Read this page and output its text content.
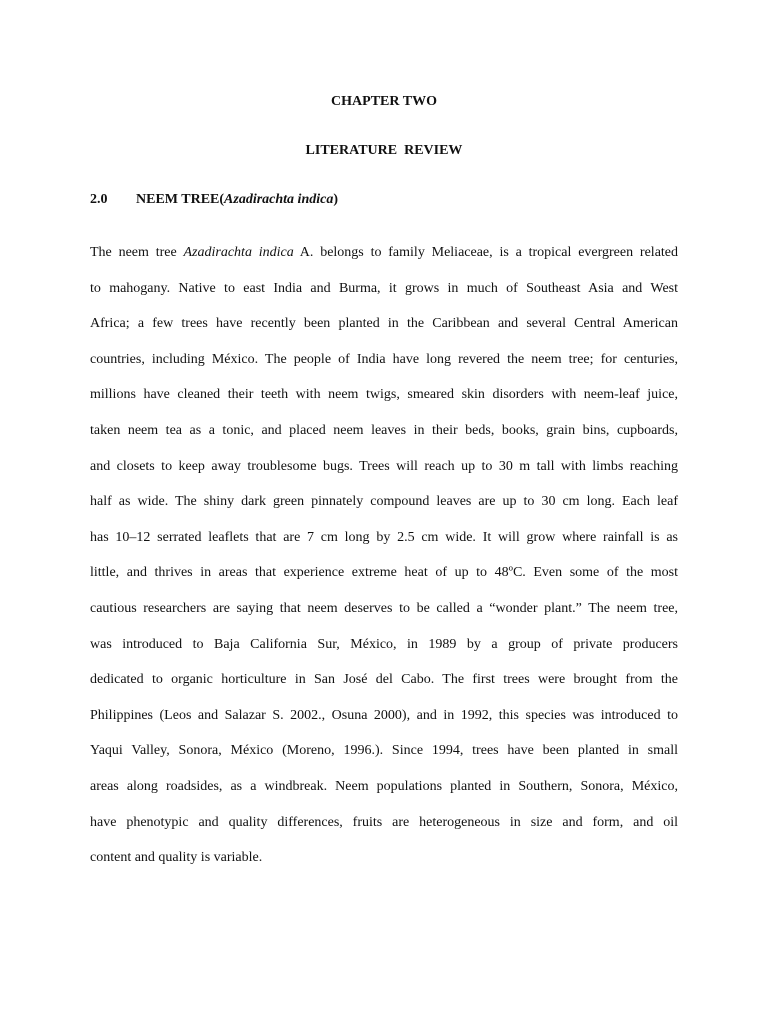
CHAPTER TWO
LITERATURE  REVIEW
2.0 NEEM TREE(Azadirachta indica)
The neem tree Azadirachta indica A. belongs to family Meliaceae, is a tropical evergreen related
to mahogany. Native to east India and Burma, it grows in much of Southeast Asia and West
Africa; a few trees have recently been planted in the Caribbean and several Central American
countries, including México. The people of India have long revered the neem tree; for centuries,
millions have cleaned their teeth with neem twigs, smeared skin disorders with neem-leaf juice,
taken neem tea as a tonic, and placed neem leaves in their beds, books, grain bins, cupboards,
and closets to keep away troublesome bugs. Trees will reach up to 30 m tall with limbs reaching
half as wide. The shiny dark green pinnately compound leaves are up to 30 cm long. Each leaf
has 10–12 serrated leaflets that are 7 cm long by 2.5 cm wide. It will grow where rainfall is as
little, and thrives in areas that experience extreme heat of up to 48ºC. Even some of the most
cautious researchers are saying that neem deserves to be called a “wonder plant.” The neem tree,
was introduced to Baja California Sur, México, in 1989 by a group of private producers
dedicated to organic horticulture in San José del Cabo. The first trees were brought from the
Philippines (Leos and Salazar S. 2002., Osuna 2000), and in 1992, this species was introduced to
Yaqui Valley, Sonora, México (Moreno, 1996.). Since 1994, trees have been planted in small
areas along roadsides, as a windbreak. Neem populations planted in Southern, Sonora, México,
have phenotypic and quality differences, fruits are heterogeneous in size and form, and oil
content and quality is variable.
